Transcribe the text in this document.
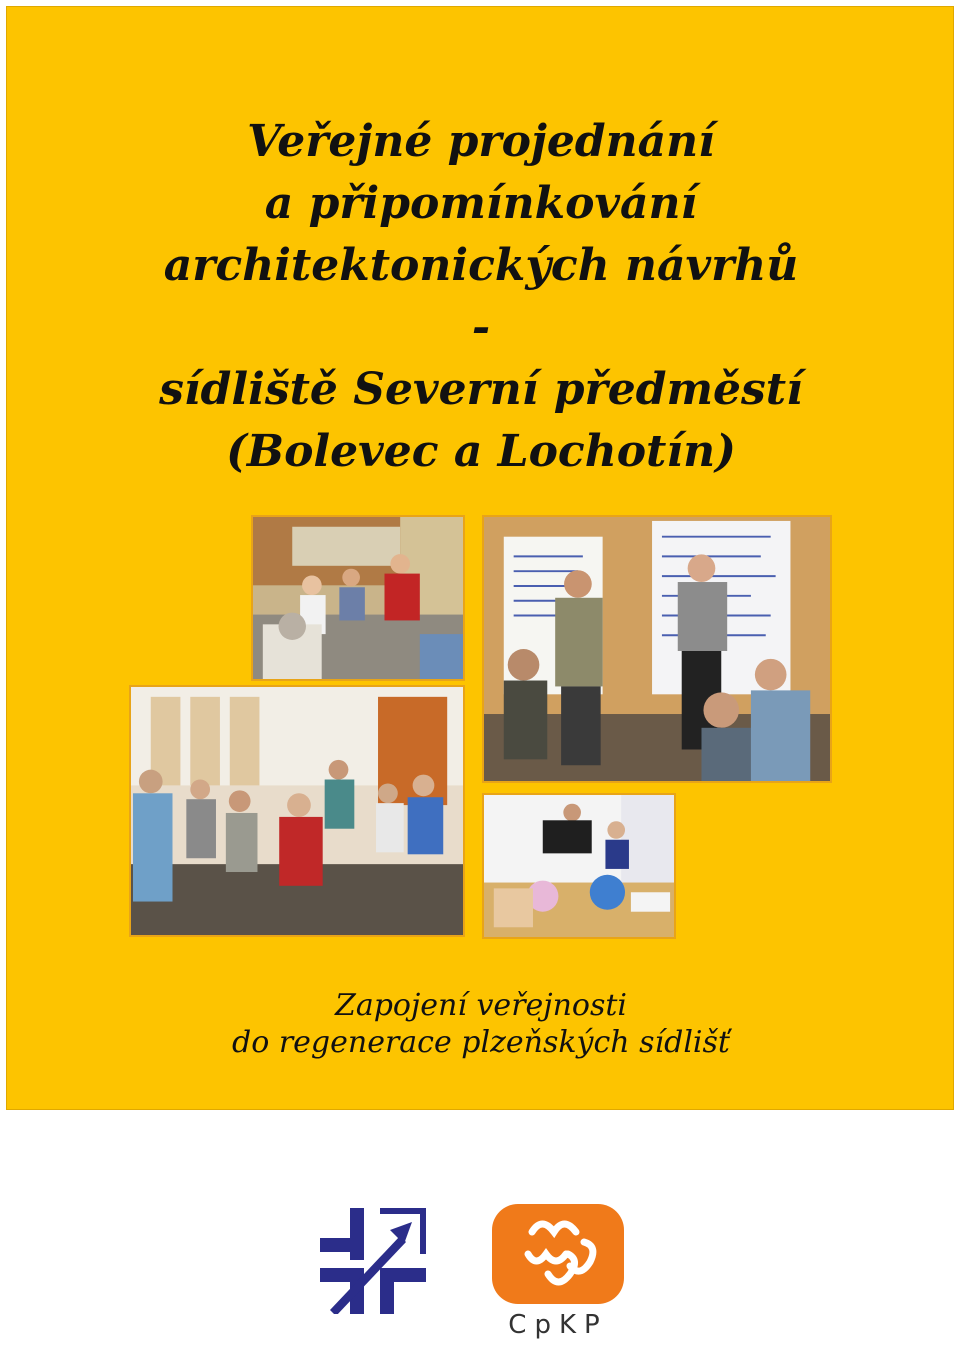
Veřejné projednání
a připomínkování
architektonických návrhů
-
sídliště Severní předměstí
(Bolevec a Lochotín)
Zapojení veřejnosti
do regenerace plzeňských sídlišť
CpKP
